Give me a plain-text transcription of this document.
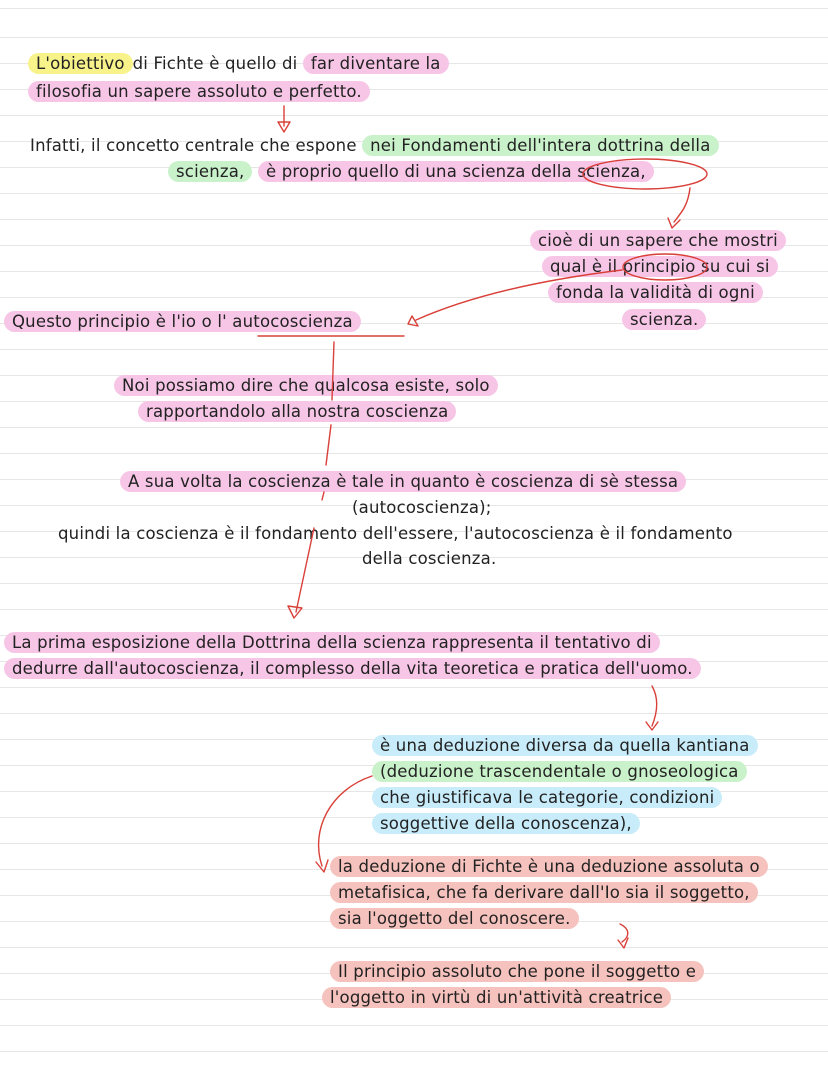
L'obiettivo di Fichte è quello di far diventare la
filosofia un sapere assoluto e perfetto.
Infatti, il concetto centrale che espone nei Fondamenti dell'intera dottrina della
scienza, è proprio quello di una scienza della scienza,
cioè di un sapere che mostri
qual è il principio su cui si
fonda la validità di ogni
scienza.
Questo principio è l'io o l' autocoscienza
Noi possiamo dire che qualcosa esiste, solo
rapportandolo alla nostra coscienza
A sua volta la coscienza è tale in quanto è coscienza di sè stessa
(autocoscienza);
quindi la coscienza è il fondamento dell'essere, l'autocoscienza è il fondamento
della coscienza.
La prima esposizione della Dottrina della scienza rappresenta il tentativo di
dedurre dall'autocoscienza, il complesso della vita teoretica e pratica dell'uomo.
è una deduzione diversa da quella kantiana
(deduzione trascendentale o gnoseologica
che giustificava le categorie, condizioni
soggettive della conoscenza),
la deduzione di Fichte è una deduzione assoluta o
metafisica, che fa derivare dall'Io sia il soggetto,
sia l'oggetto del conoscere.
Il principio assoluto che pone il soggetto e
l'oggetto in virtù di un'attività creatrice
